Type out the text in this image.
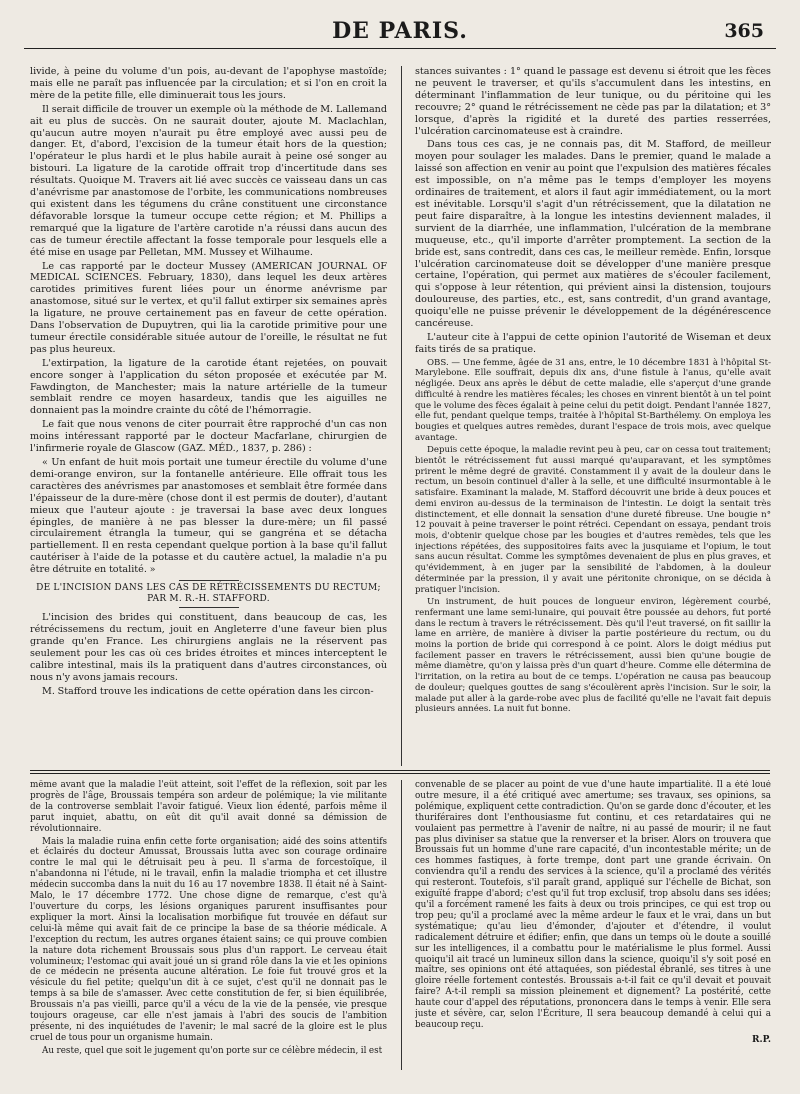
DE PARIS.	365

livide, à peine du volume d'un pois, au-devant de l'apophyse mastoïde; mais elle ne paraît pas influencée par la circulation; et si l'on en croit la mère de la petite fille, elle diminuerait tous les jours.

Il serait difficile de trouver un exemple où la méthode de M. Lallemand ait eu plus de succès. On ne saurait douter, ajoute M. Maclachlan, qu'aucun autre moyen n'aurait pu être employé avec aussi peu de danger. Et, d'abord, l'excision de la tumeur était hors de la question; l'opérateur le plus hardi et le plus habile aurait à peine osé songer au bistouri. La ligature de la carotide offrait trop d'incertitude dans ses résultats. Quoique M. Travers ait lié avec succès ce vaisseau dans un cas d'anévrisme par anastomose de l'orbite, les communications nombreuses qui existent dans les tégumens du crâne constituent une circonstance défavorable lorsque la tumeur occupe cette région; et M. Phillips a remarqué que la ligature de l'artère carotide n'a réussi dans aucun des cas de tumeur érectile affectant la fosse temporale pour lesquels elle a été mise en usage par Pelletan, MM. Mussey et Wilhaume.

Le cas rapporté par le docteur Mussey (AMERICAN JOURNAL OF MEDICAL SCIENCES. February, 1830), dans lequel les deux artères carotides primitives furent liées pour un énorme anévrisme par anastomose, situé sur le vertex, et qu'il fallut extirper six semaines après la ligature, ne prouve certainement pas en faveur de cette opération. Dans l'observation de Dupuytren, qui lia la carotide primitive pour une tumeur érectile considérable située autour de l'oreille, le résultat ne fut pas plus heureux.

L'extirpation, la ligature de la carotide étant rejetées, on pouvait encore songer à l'application du séton proposée et exécutée par M. Fawdington, de Manchester; mais la nature artérielle de la tumeur semblait rendre ce moyen hasardeux, tandis que les aiguilles ne donnaient pas la moindre crainte du côté de l'hémorragie.

Le fait que nous venons de citer pourrait être rapproché d'un cas non moins intéressant rapporté par le docteur Macfarlane, chirurgien de l'infirmerie royale de Glascow (GAZ. MÉD., 1837, p. 286) :

« Un enfant de huit mois portait une tumeur érectile du volume d'une demi-orange environ, sur la fontanelle antérieure. Elle offrait tous les caractères des anévrismes par anastomoses et semblait être formée dans l'épaisseur de la dure-mère (chose dont il est permis de douter), d'autant mieux que l'auteur ajoute : je traversai la base avec deux longues épingles, de manière à ne pas blesser la dure-mère; un fil passé circulairement étrangla la tumeur, qui se gangréna et se détacha partiellement. Il en resta cependant quelque portion à la base qu'il fallut cautériser à l'aide de la potasse et du cautère actuel, la maladie n'a pu être détruite en totalité. »

DE L'INCISION DANS LES CAS DE RÉTRÉCISSEMENTS DU RECTUM; PAR M. R.-H. STAFFORD.

L'incision des brides qui constituent, dans beaucoup de cas, les rétrécissemens du rectum, jouit en Angleterre d'une faveur bien plus grande qu'en France. Les chirurgiens anglais ne la réservent pas seulement pour les cas où ces brides étroites et minces interceptent le calibre intestinal, mais ils la pratiquent dans d'autres circonstances, où nous n'y avons jamais recours.

M. Stafford trouve les indications de cette opération dans les circon-

stances suivantes : 1° quand le passage est devenu si étroit que les fèces ne peuvent le traverser, et qu'ils s'accumulent dans les intestins, en déterminant l'inflammation de leur tunique, ou du péritoine qui les recouvre; 2° quand le rétrécissement ne cède pas par la dilatation; et 3° lorsque, d'après la rigidité et la dureté des parties resserrées, l'ulcération carcinomateuse est à craindre.

Dans tous ces cas, je ne connais pas, dit M. Stafford, de meilleur moyen pour soulager les malades. Dans le premier, quand le malade a laissé son affection en venir au point que l'expulsion des matières fécales est impossible, on n'a même pas le temps d'employer les moyens ordinaires de traitement, et alors il faut agir immédiatement, ou la mort est inévitable. Lorsqu'il s'agit d'un rétrécissement, que la dilatation ne peut faire disparaître, à la longue les intestins deviennent malades, il survient de la diarrhée, une inflammation, l'ulcération de la membrane muqueuse, etc., qu'il importe d'arrêter promptement. La section de la bride est, sans contredit, dans ces cas, le meilleur remède. Enfin, lorsque l'ulcération carcinomateuse doit se développer d'une manière presque certaine, l'opération, qui permet aux matières de s'écouler facilement, qui s'oppose à leur rétention, qui prévient ainsi la distension, toujours douloureuse, des parties, etc., est, sans contredit, d'un grand avantage, quoiqu'elle ne puisse prévenir le développement de la dégénérescence cancéreuse.

L'auteur cite à l'appui de cette opinion l'autorité de Wiseman et deux faits tirés de sa pratique.

OBS. — Une femme, âgée de 31 ans, entre, le 10 décembre 1831 à l'hôpital St-Marylebone. Elle souffrait, depuis dix ans, d'une fistule à l'anus, qu'elle avait négligée. Deux ans après le début de cette maladie, elle s'aperçut d'une grande difficulté à rendre les matières fécales; les choses en vinrent bientôt à un tel point que le volume des fèces égalait à peine celui du petit doigt. Pendant l'année 1827, elle fut, pendant quelque temps, traitée à l'hôpital St-Barthélemy. On employa les bougies et quelques autres remèdes, durant l'espace de trois mois, avec quelque avantage.

Depuis cette époque, la maladie revint peu à peu, car on cessa tout traitement; bientôt le rétrécissement fut aussi marqué qu'auparavant, et les symptômes prirent le même degré de gravité. Constamment il y avait de la douleur dans le rectum, un besoin continuel d'aller à la selle, et une difficulté insurmontable à le satisfaire. Examinant la malade, M. Stafford découvrit une bride à deux pouces et demi environ au-dessus de la terminaison de l'intestin. Le doigt la sentait très distinctement, et elle donnait la sensation d'une dureté fibreuse. Une bougie n° 12 pouvait à peine traverser le point rétréci. Cependant on essaya, pendant trois mois, d'obtenir quelque chose par les bougies et d'autres remèdes, tels que les injections répétées, des suppositoires faits avec la jusquiame et l'opium, le tout sans aucun résultat. Comme les symptômes devenaient de plus en plus graves, et qu'évidemment, à en juger par la sensibilité de l'abdomen, à la douleur déterminée par la pression, il y avait une péritonite chronique, on se décida à pratiquer l'incision.

Un instrument, de huit pouces de longueur environ, légèrement courbé, renfermant une lame semi-lunaire, qui pouvait être poussée au dehors, fut porté dans le rectum à travers le rétrécissement. Dès qu'il l'eut traversé, on fit saillir la lame en arrière, de manière à diviser la partie postérieure du rectum, ou du moins la portion de bride qui correspond à ce point. Alors le doigt médius put facilement passer en travers le rétrécissement, aussi bien qu'une bougie de même diamètre, qu'on y laissa près d'un quart d'heure. Comme elle détermina de l'irritation, on la retira au bout de ce temps. L'opération ne causa pas beaucoup de douleur; quelques gouttes de sang s'écoulèrent après l'incision. Sur le soir, la malade put aller à la garde-robe avec plus de facilité qu'elle ne l'avait fait depuis plusieurs années. La nuit fut bonne.

même avant que la maladie l'eût atteint, soit l'effet de la réflexion, soit par les progrès de l'âge, Broussais tempéra son ardeur de polémique; la vie militante de la controverse semblait l'avoir fatigué. Vieux lion édenté, parfois même il parut inquiet, abattu, on eût dit qu'il avait donné sa démission de révolutionnaire.

Mais la maladie ruina enfin cette forte organisation; aidé des soins attentifs et éclairés du docteur Amussat, Broussais lutta avec son courage ordinaire contre le mal qui le détruisait peu à peu. Il s'arma de forcestoïque, il n'abandonna ni l'étude, ni le travail, enfin la maladie triompha et cet illustre médecin succomba dans la nuit du 16 au 17 novembre 1838. Il était né à Saint-Malo, le 17 décembre 1772. Une chose digne de remarque, c'est qu'à l'ouverture du corps, les lésions organiques parurent insuffisantes pour expliquer la mort. Ainsi la localisation morbifique fut trouvée en défaut sur celui-là même qui avait fait de ce principe la base de sa théorie médicale. A l'exception du rectum, les autres organes étaient sains; ce qui prouve combien la nature dota richement Broussais sous plus d'un rapport. Le cerveau était volumineux; l'estomac qui avait joué un si grand rôle dans la vie et les opinions de ce médecin ne présenta aucune altération. Le foie fut trouvé gros et la vésicule du fiel petite; quelqu'un dit à ce sujet, c'est qu'il ne donnait pas le temps à sa bile de s'amasser. Avec cette constitution de fer, si bien équilibrée, Broussais n'a pas vieilli, parce qu'il a vécu de la vie de la pensée, vie presque toujours orageuse, car elle n'est jamais à l'abri des soucis de l'ambition présente, ni des inquiétudes de l'avenir; le mal sacré de la gloire est le plus cruel de tous pour un organisme humain.

Au reste, quel que soit le jugement qu'on porte sur ce célèbre médecin, il est

convenable de se placer au point de vue d'une haute impartialité. Il a été loué outre mesure, il a été critiqué avec amertume; ses travaux, ses opinions, sa polémique, expliquent cette contradiction. Qu'on se garde donc d'écouter, et les thuriféraires dont l'enthousiasme fut continu, et ces retardataires qui ne voulaient pas permettre à l'avenir de naître, ni au passé de mourir; il ne faut pas plus diviniser sa statue que la renverser et la briser. Alors on trouvera que Broussais fut un homme d'une rare capacité, d'un incontestable mérite; un de ces hommes fastiques, à forte trempe, dont part une grande écrivain. On conviendra qu'il a rendu des services à la science, qu'il a proclamé des vérités qui resteront. Toutefois, s'il paraît grand, appliqué sur l'échelle de Bichat, son exiguïté frappe d'abord; c'est qu'il fut trop exclusif, trop absolu dans ses idées; qu'il a forcément ramené les faits à deux ou trois principes, ce qui est trop ou trop peu; qu'il a proclamé avec la même ardeur le faux et le vrai, dans un but systématique; qu'au lieu d'émonder, d'ajouter et d'étendre, il voulut radicalement détruire et édifier; enfin, que dans un temps où le doute a souillé sur les intelligences, il a combattu pour le matérialisme le plus formel. Aussi quoiqu'il ait tracé un lumineux sillon dans la science, quoiqu'il s'y soit posé en maître, ses opinions ont été attaquées, son piédestal ébranlé, ses titres à une gloire réelle fortement contestés. Broussais a-t-il fait ce qu'il devait et pouvait faire? A-t-il rempli sa mission pleinement et dignement? La postérité, cette haute cour d'appel des réputations, prononcera dans le temps à venir. Elle sera juste et sévère, car, selon l'Écriture, Il sera beaucoup demandé à celui qui a beaucoup reçu.

R.P.
